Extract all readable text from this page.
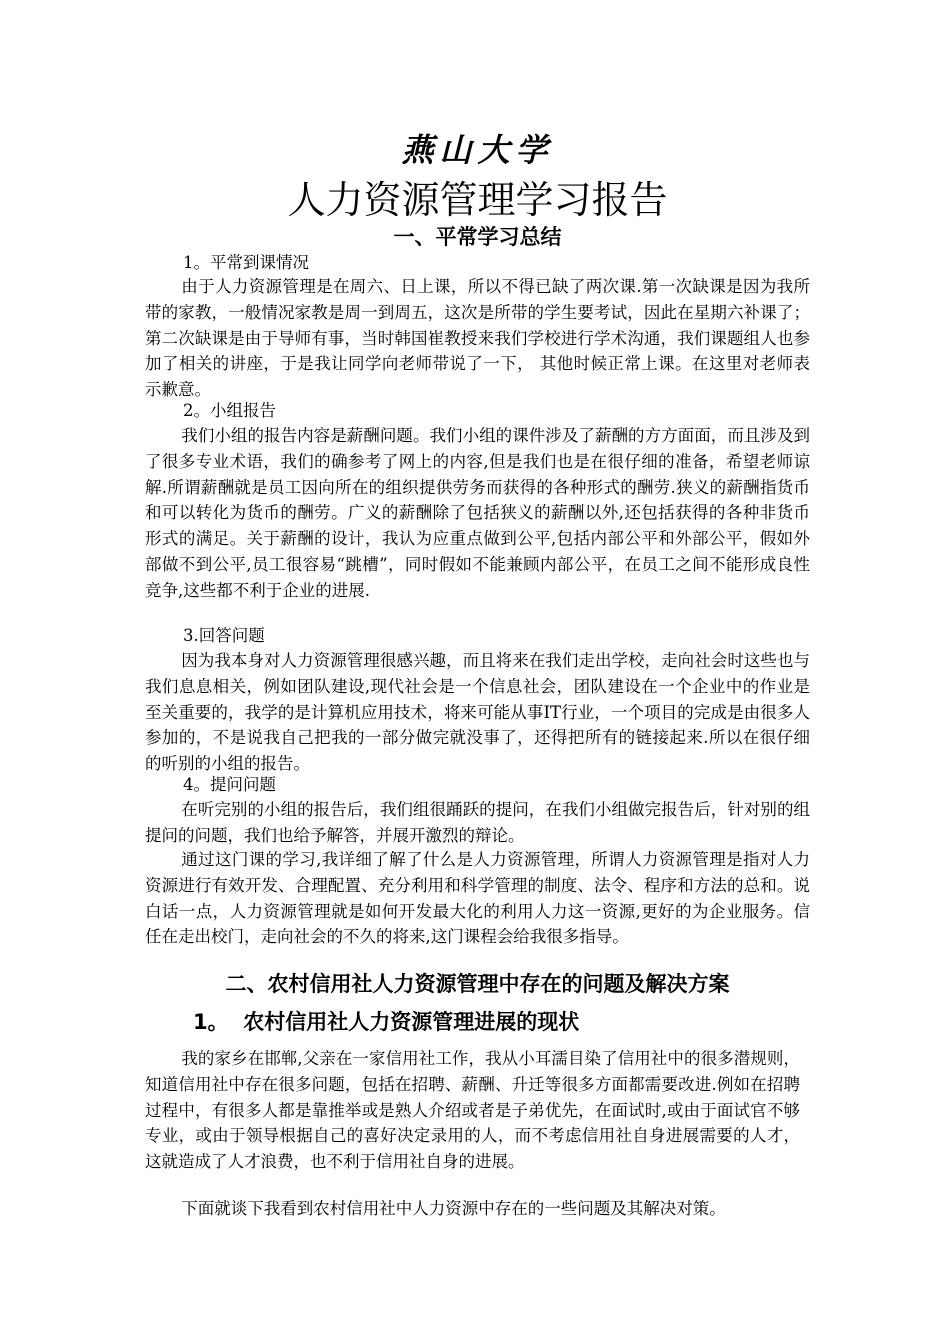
燕山大学
人力资源管理学习报告
一、平常学习总结
1。平常到课情况
由于人力资源管理是在周六、日上课，所以不得已缺了两次课.第一次缺课是因为我所带的家教，一般情况家教是周一到周五，这次是所带的学生要考试，因此在星期六补课了；第二次缺课是由于导师有事，当时韩国崔教授来我们学校进行学术沟通，我们课题组人也参加了相关的讲座，于是我让同学向老师带说了一下， 其他时候正常上课。在这里对老师表示歉意。
2。小组报告
我们小组的报告内容是薪酬问题。我们小组的课件涉及了薪酬的方方面面，而且涉及到了很多专业术语，我们的确参考了网上的内容,但是我们也是在很仔细的准备，希望老师谅解.所谓薪酬就是员工因向所在的组织提供劳务而获得的各种形式的酬劳.狭义的薪酬指货币和可以转化为货币的酬劳。广义的薪酬除了包括狭义的薪酬以外,还包括获得的各种非货币形式的满足。关于薪酬的设计，我认为应重点做到公平,包括内部公平和外部公平，假如外部做不到公平,员工很容易“跳槽”，同时假如不能兼顾内部公平，在员工之间不能形成良性竞争,这些都不利于企业的进展.
3.回答问题
因为我本身对人力资源管理很感兴趣，而且将来在我们走出学校，走向社会时这些也与我们息息相关，例如团队建设,现代社会是一个信息社会，团队建设在一个企业中的作业是至关重要的，我学的是计算机应用技术，将来可能从事IT行业，一个项目的完成是由很多人参加的，不是说我自己把我的一部分做完就没事了，还得把所有的链接起来.所以在很仔细的听别的小组的报告。
4。提问问题
在听完别的小组的报告后，我们组很踊跃的提问，在我们小组做完报告后，针对别的组提问的问题，我们也给予解答，并展开激烈的辩论。
通过这门课的学习,我详细了解了什么是人力资源管理，所谓人力资源管理是指对人力资源进行有效开发、合理配置、充分利用和科学管理的制度、法令、程序和方法的总和。说白话一点，人力资源管理就是如何开发最大化的利用人力这一资源,更好的为企业服务。信任在走出校门，走向社会的不久的将来,这门课程会给我很多指导。
二、农村信用社人力资源管理中存在的问题及解决方案
1。  农村信用社人力资源管理进展的现状
我的家乡在邯郸,父亲在一家信用社工作，我从小耳濡目染了信用社中的很多潜规则，知道信用社中存在很多问题，包括在招聘、薪酬、升迁等很多方面都需要改进.例如在招聘过程中，有很多人都是靠推举或是熟人介绍或者是子弟优先，在面试时,或由于面试官不够专业，或由于领导根据自己的喜好决定录用的人，而不考虑信用社自身进展需要的人才，这就造成了人才浪费，也不利于信用社自身的进展。
下面就谈下我看到农村信用社中人力资源中存在的一些问题及其解决对策。
